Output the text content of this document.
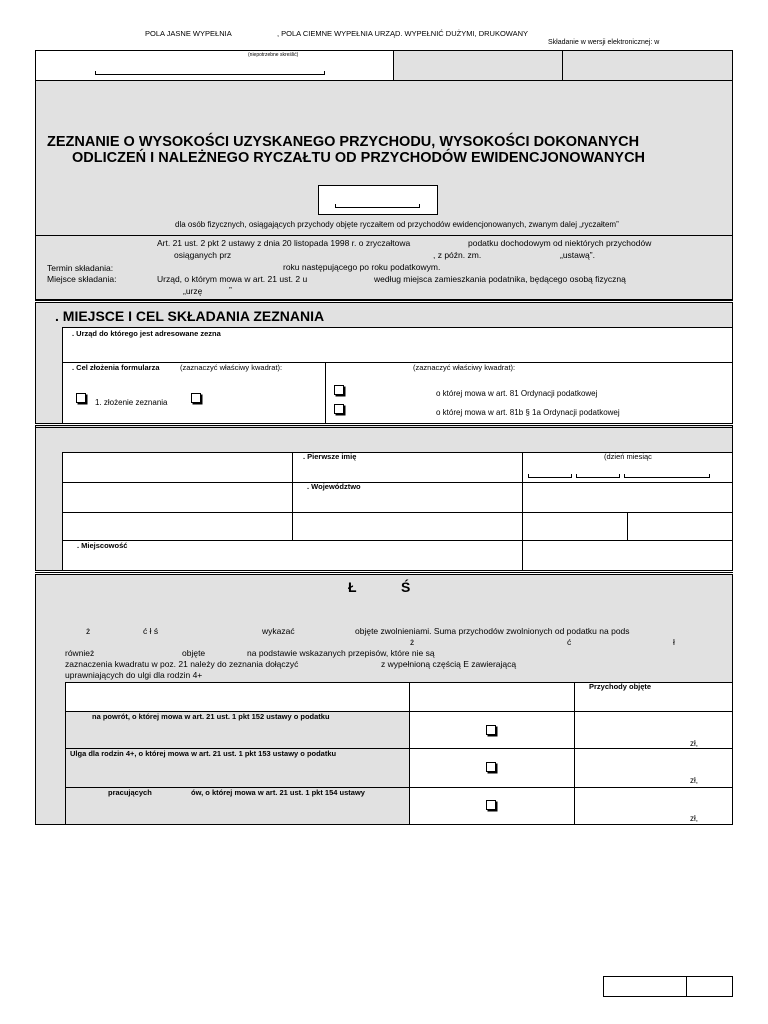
POLA JASNE WYPEŁNIA	, POLA CIEMNE WYPEŁNIA URZĄD. WYPEŁNIĆ DUŻYMI, DRUKOWANY
Składanie w wersji elektronicznej: w
(niepotrzebne skreślić)
ZEZNANIE O WYSOKOŚCI UZYSKANEGO PRZYCHODU, WYSOKOŚCI DOKONANYCH
ODLICZEŃ I NALEŻNEGO RYCZAŁTU OD PRZYCHODÓW EWIDENCJONOWANYCH
dla osób fizycznych, osiągających przychody objęte ryczałtem od przychodów ewidencjonowanych, zwanym dalej „ryczałtem”
Art. 21 ust. 2 pkt 2 ustawy z dnia 20 listopada 1998 r. o zryczałtowa	podatku dochodowym od niektórych przychodów
osiąganych prz	, z późn. zm.	„ustawą”.
Termin składania:	roku następującego po roku podatkowym.
Miejsce składania:	Urząd, o którym mowa w art. 21 ust. 2 u	według miejsca zamieszkania podatnika, będącego osobą fizyczną
„urzę	”
. MIEJSCE I CEL SKŁADANIA ZEZNANIA
. Urząd do którego jest adresowane zezna
. Cel złożenia formularza	(zaznaczyć właściwy kwadrat):	(zaznaczyć właściwy kwadrat):
1. złożenie zeznania
o której mowa w art. 81 Ordynacji podatkowej
o której mowa w art. 81b § 1a Ordynacji podatkowej
. Pierwsze imię	(dzień miesiąc
. Województwo
. Miejscowość
Ł	Ś
ż	ć ł ś	wykazać	objęte zwolnieniami. Suma przychodów zwolnionych od podatku na pods
ż	ć	ł
również	objęte	na podstawie wskazanych przepisów, które nie są
zaznaczenia kwadratu w poz. 21 należy do zeznania dołączyć	z wypełnioną częścią E zawierającą
uprawniających do ulgi dla rodzin 4+
Przychody objęte
na powrót, o której mowa w art. 21 ust. 1 pkt 152 ustawy o podatku
zł,
Ulga dla rodzin 4+, o której mowa w art. 21 ust. 1 pkt 153 ustawy o podatku
zł,
pracujących	ów, o której mowa w art. 21 ust. 1 pkt 154 ustawy
zł,
